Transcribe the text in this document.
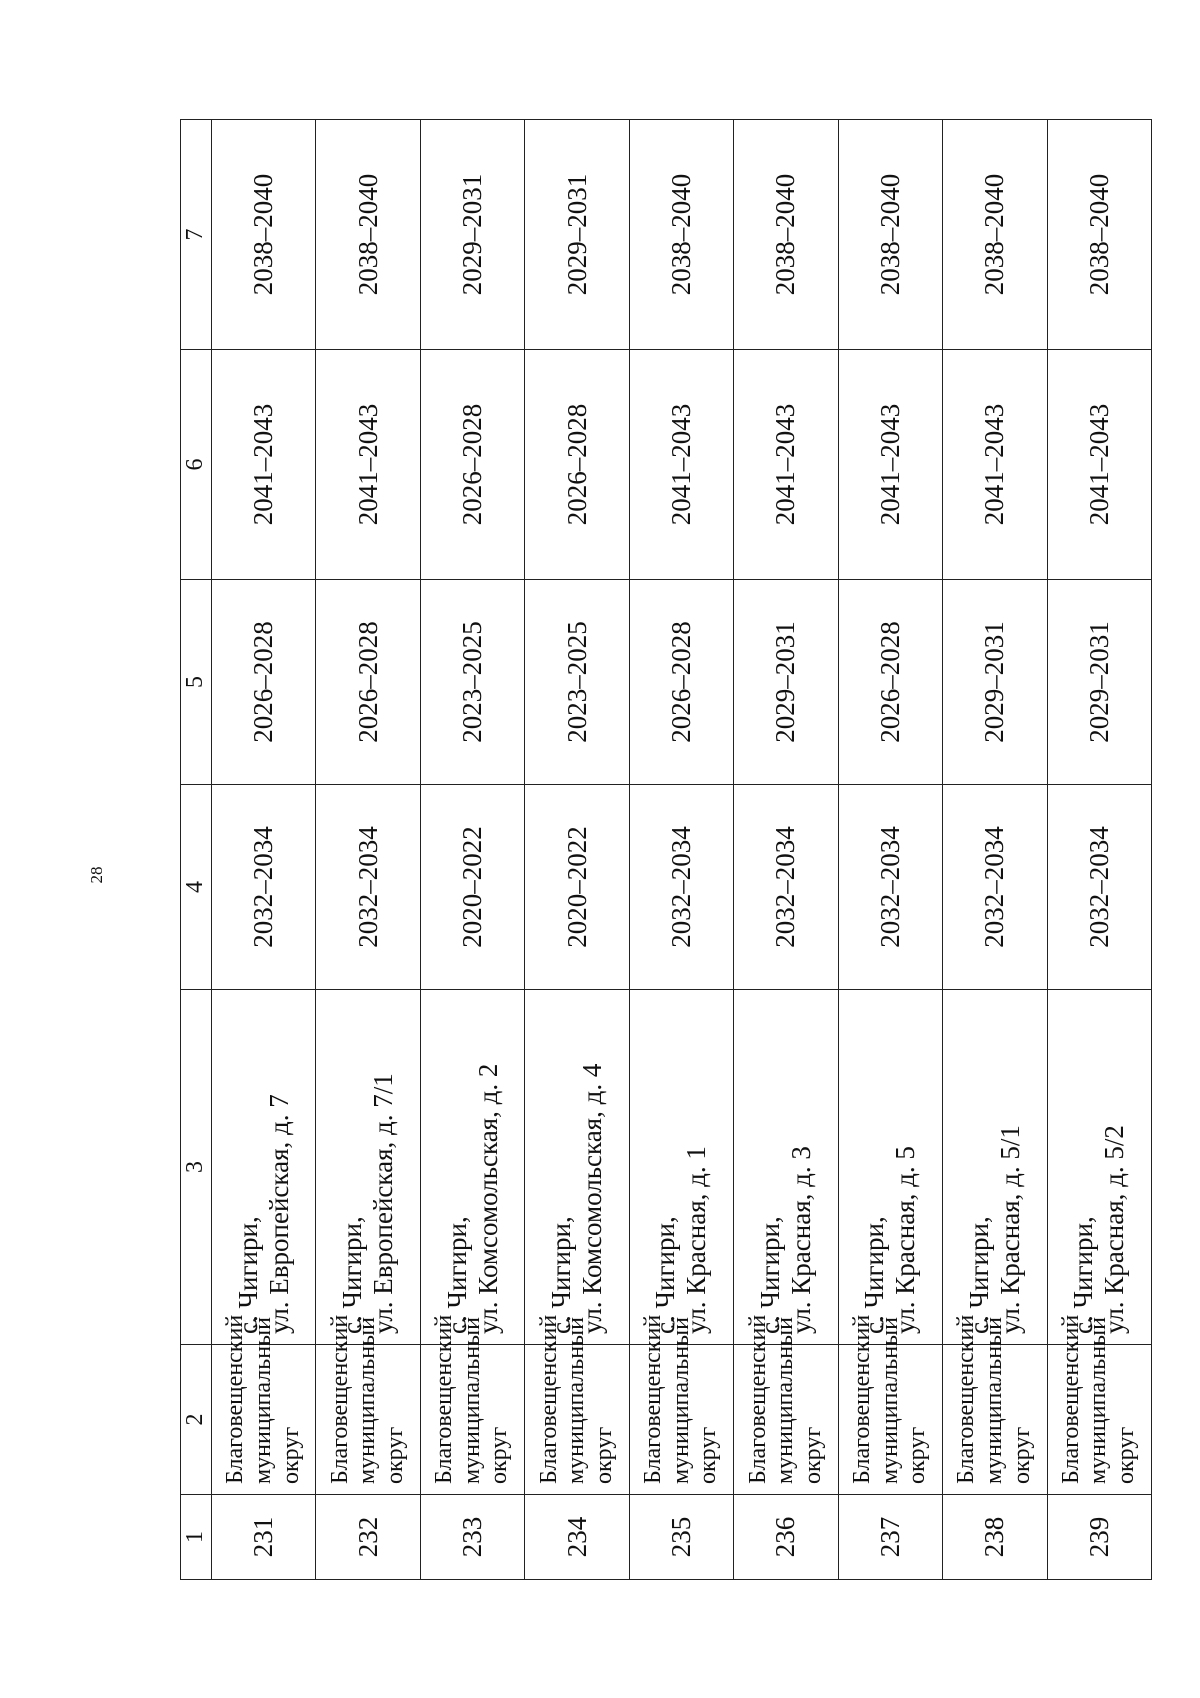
28
1	2	3	4	5	6	7
231	Благовещенский муниципальный округ	с. Чигири, ул. Европейская, д. 7	2032–2034	2026–2028	2041–2043	2038–2040
232	Благовещенский муниципальный округ	с. Чигири, ул. Европейская, д. 7/1	2032–2034	2026–2028	2041–2043	2038–2040
233	Благовещенский муниципальный округ	с. Чигири, ул. Комсомольская, д. 2	2020–2022	2023–2025	2026–2028	2029–2031
234	Благовещенский муниципальный округ	с. Чигири, ул. Комсомольская, д. 4	2020–2022	2023–2025	2026–2028	2029–2031
235	Благовещенский муниципальный округ	с. Чигири, ул. Красная, д. 1	2032–2034	2026–2028	2041–2043	2038–2040
236	Благовещенский муниципальный округ	с. Чигири, ул. Красная, д. 3	2032–2034	2029–2031	2041–2043	2038–2040
237	Благовещенский муниципальный округ	с. Чигири, ул. Красная, д. 5	2032–2034	2026–2028	2041–2043	2038–2040
238	Благовещенский муниципальный округ	с. Чигири, ул. Красная, д. 5/1	2032–2034	2029–2031	2041–2043	2038–2040
239	Благовещенский муниципальный округ	с. Чигири, ул. Красная, д. 5/2	2032–2034	2029–2031	2041–2043	2038–2040
